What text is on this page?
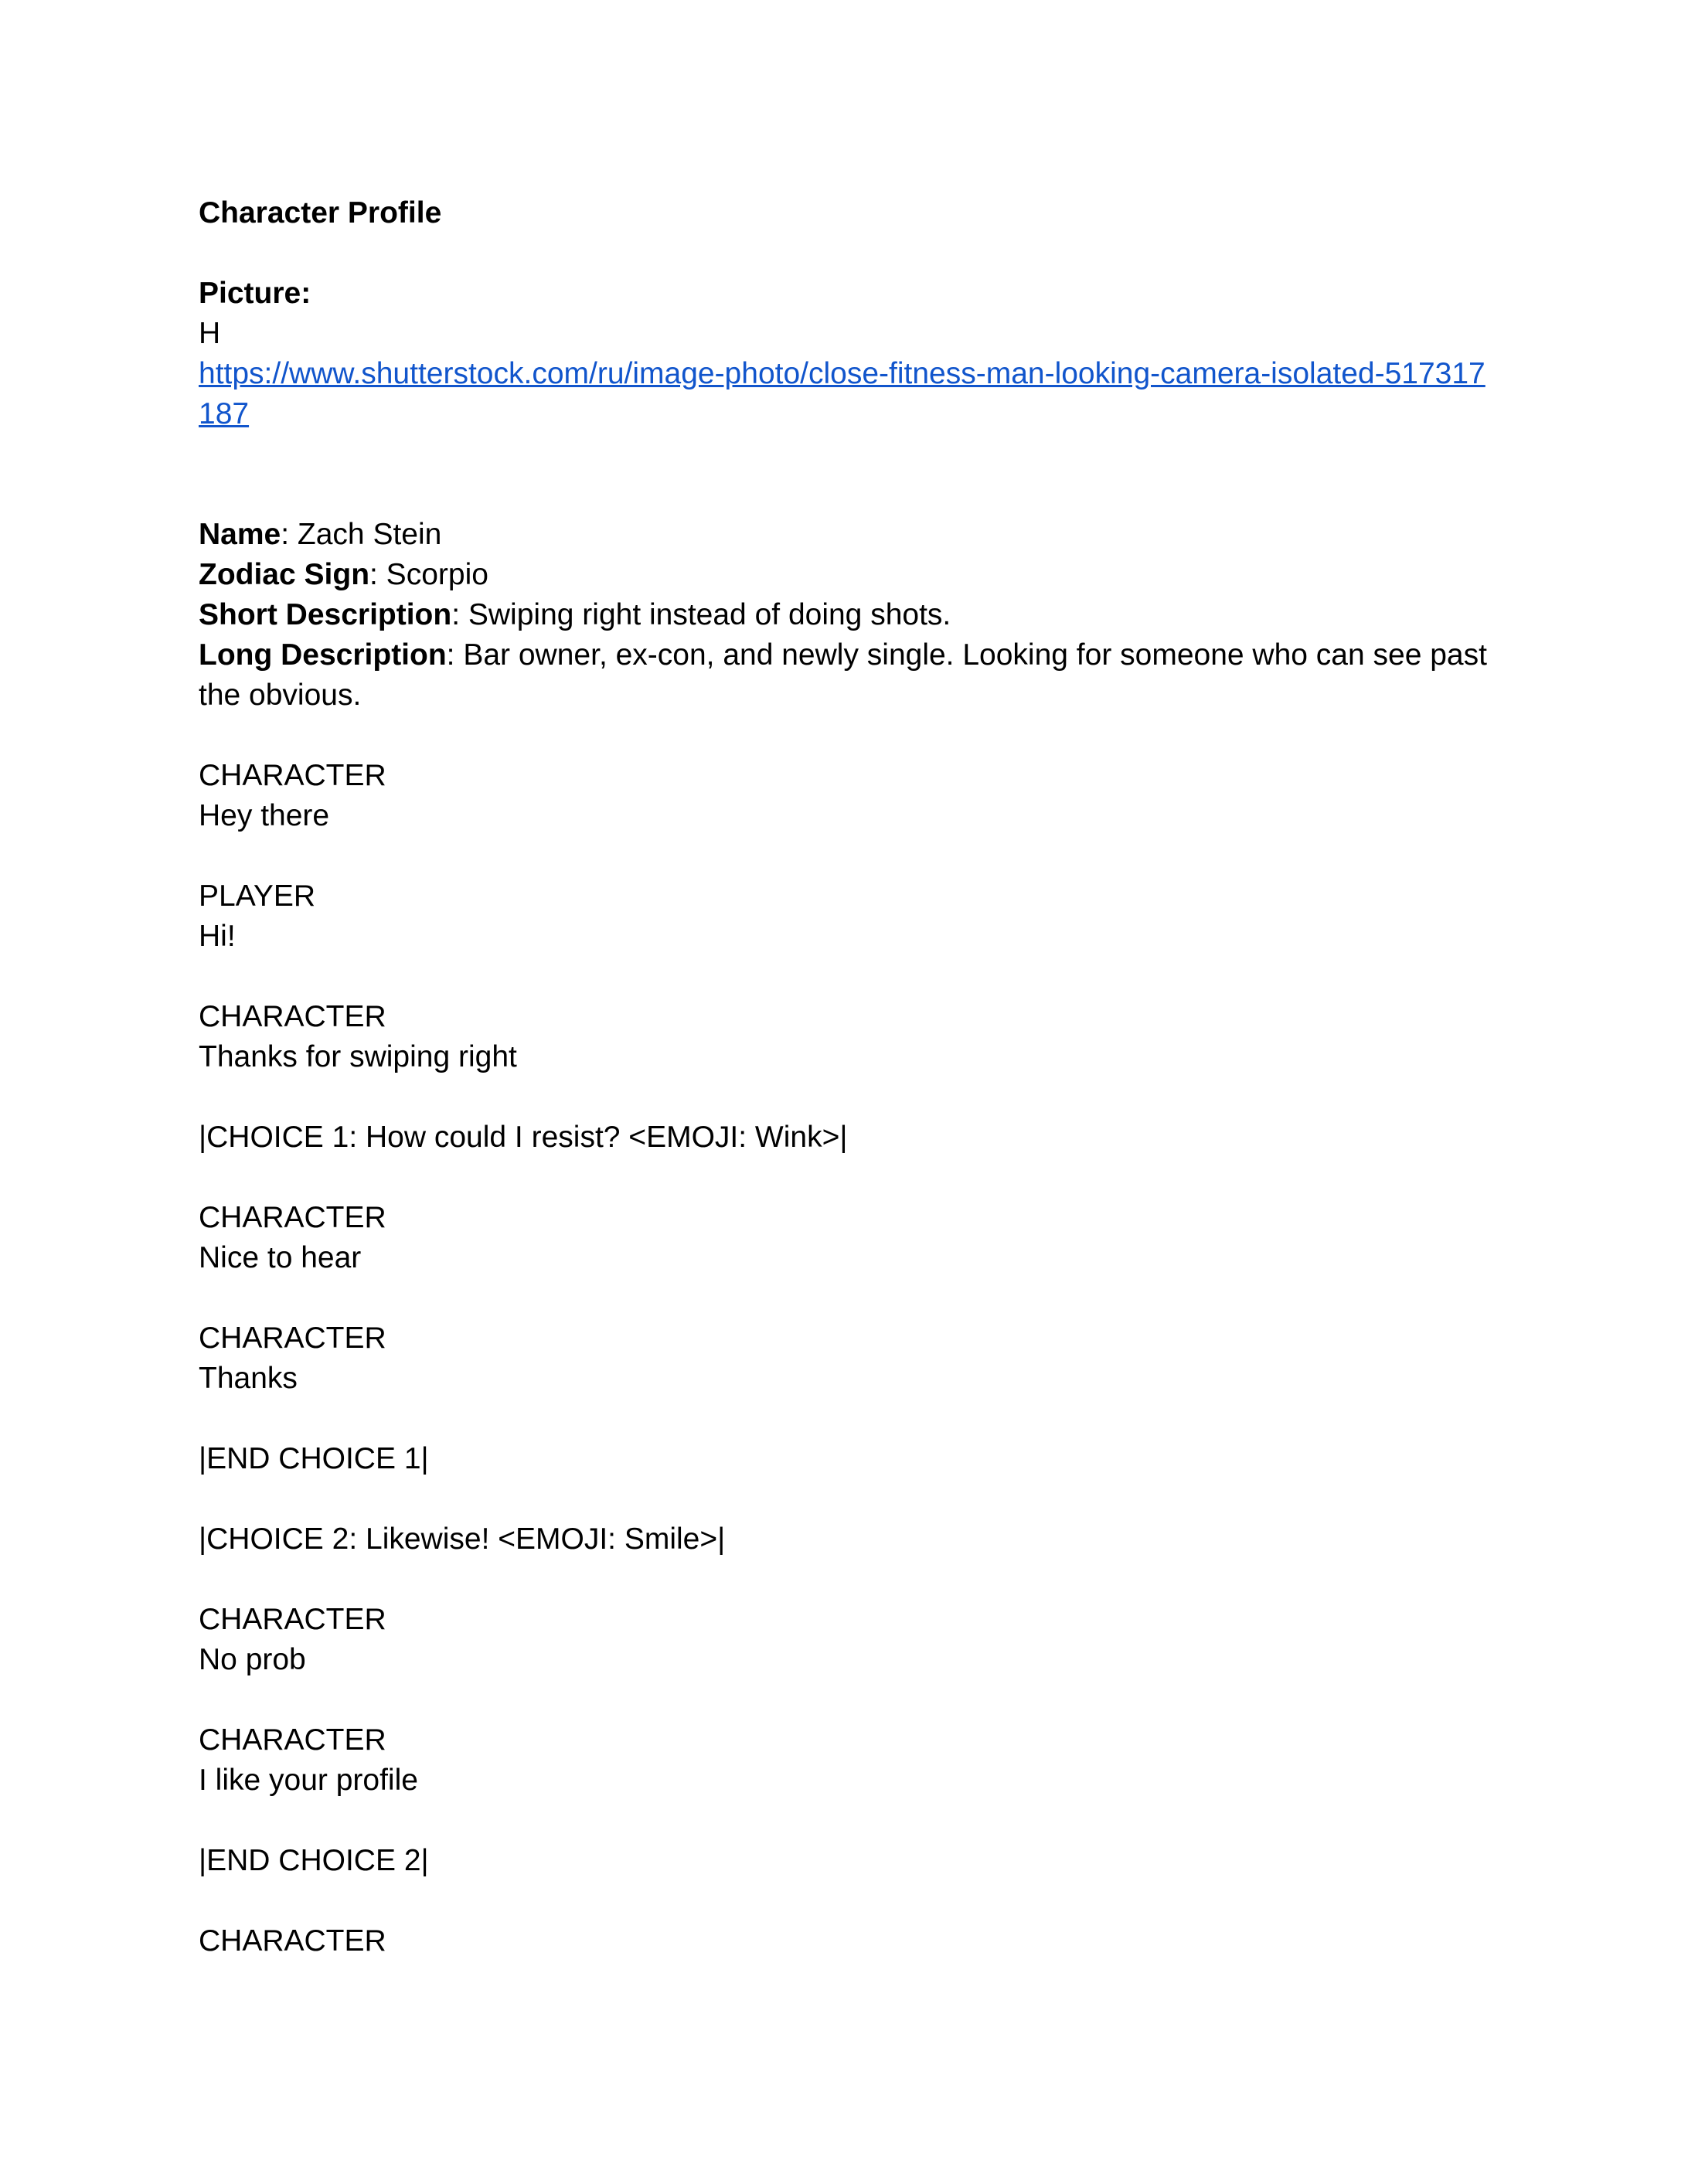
Character Profile

Picture:

H

https://www.shutterstock.com/ru/image-photo/close-fitness-man-looking-camera-isolated-517317187

Name: Zach Stein

Zodiac Sign: Scorpio

Short Description: Swiping right instead of doing shots.

Long Description: Bar owner, ex-con, and newly single. Looking for someone who can see past the obvious.

CHARACTER

Hey there

PLAYER

Hi!

CHARACTER

Thanks for swiping right

|CHOICE 1: How could I resist? <EMOJI: Wink>|

CHARACTER

Nice to hear

CHARACTER

Thanks

|END CHOICE 1|

|CHOICE 2: Likewise! <EMOJI: Smile>|

CHARACTER

No prob

CHARACTER

I like your profile

|END CHOICE 2|

CHARACTER
